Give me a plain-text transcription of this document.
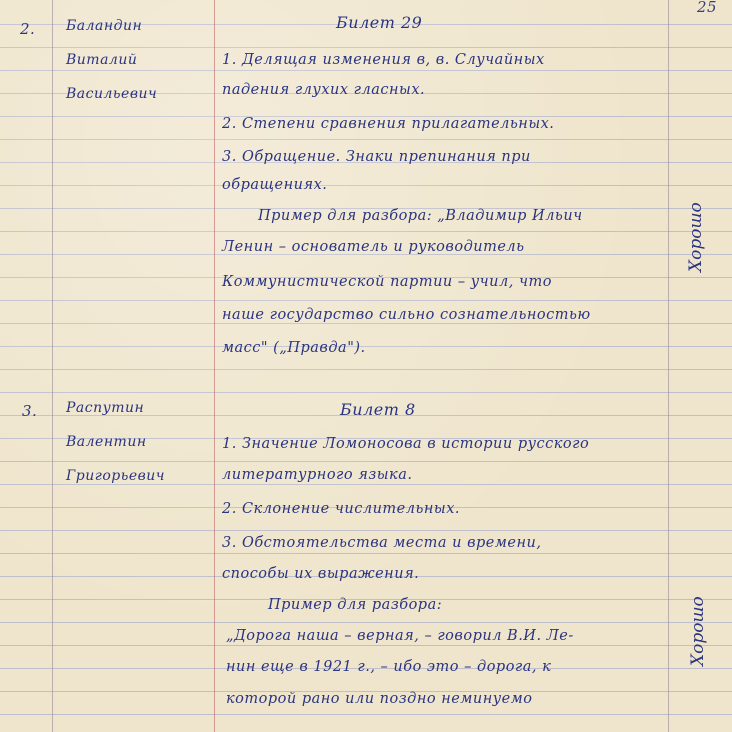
25
2. Баландин
Виталий
Васильевич
Билет 29
1. Делящая изменения в, в. Случайных
падения глухих гласных.
2. Степени сравнения прилагательных.
3. Обращение. Знаки препинания при
обращениях.
Пример для разбора: „Владимир Ильич
Ленин – основатель и руководитель
Коммунистической партии – учил, что
наше государство сильно сознательностью
масс" („Правда").
Хорошо
3. Распутин
Валентин
Григорьевич
Билет 8
1. Значение Ломоносова в истории русского
литературного языка.
2. Склонение числительных.
3. Обстоятельства места и времени,
способы их выражения.
Пример для разбора:
„Дорога наша – верная, – говорил В.И. Ле-
нин еще в 1921 г., – ибо это – дорога, к
которой рано или поздно неминуемо
Хорошо
